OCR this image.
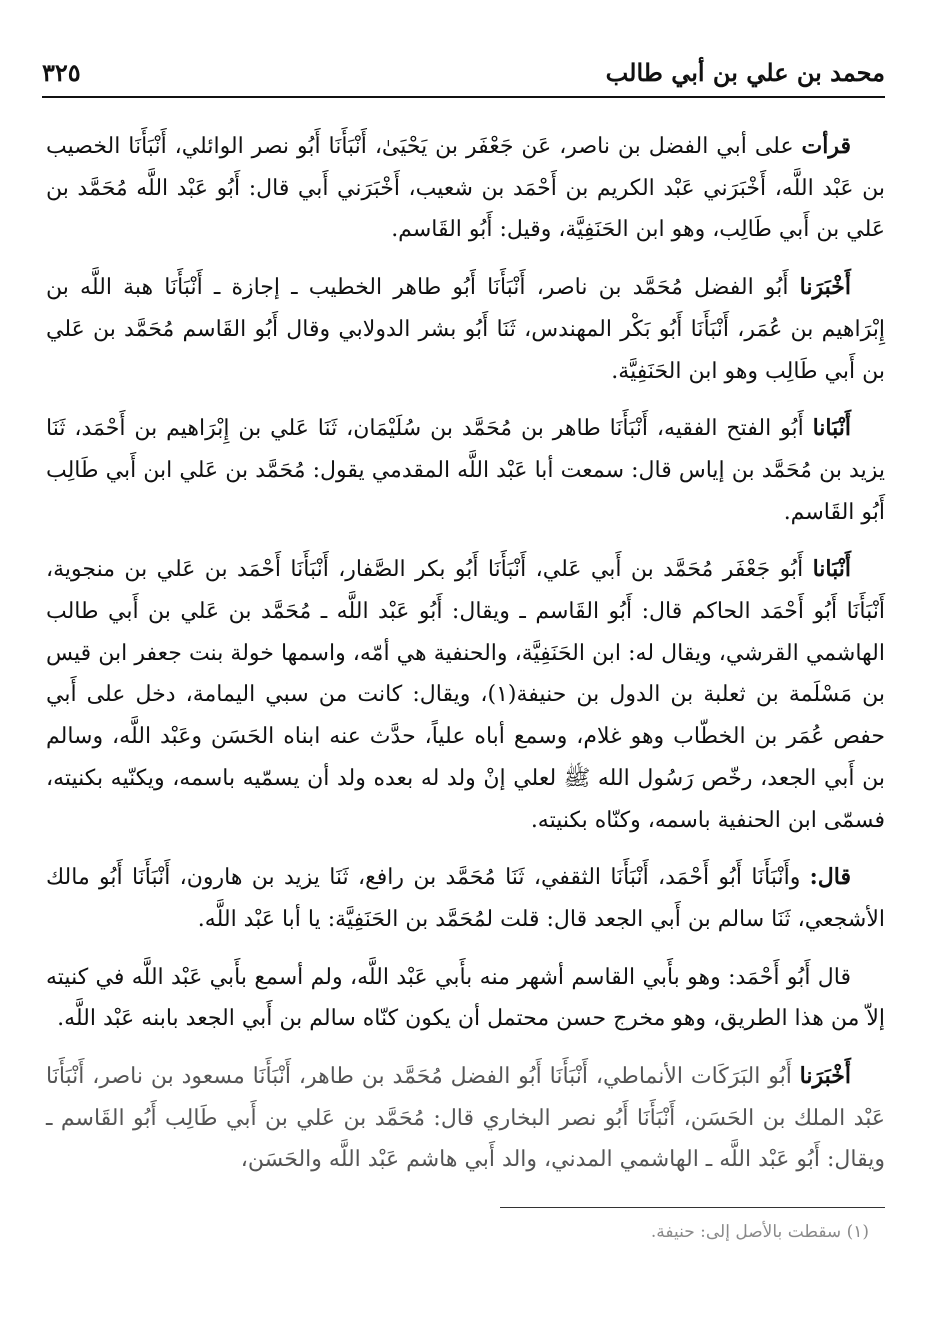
محمد بن علي بن أبي طالب
٣٢٥

قرأت على أبي الفضل بن ناصر، عَن جَعْفَر بن يَحْيَىٰ، أَنْبَأَنَا أَبُو نصر الوائلي، أَنْبَأَنَا الخصيب بن عَبْد اللَّه، أَخْبَرَني عَبْد الكريم بن أَحْمَد بن شعيب، أَخْبَرَني أَبي قال: أَبُو عَبْد اللَّه مُحَمَّد بن عَلي بن أَبي طَالِب، وهو ابن الحَنَفِيَّة، وقيل: أَبُو القَاسم.

أَخْبَرَنا أَبُو الفضل مُحَمَّد بن ناصر، أَنْبَأَنَا أَبُو طاهر الخطيب ـ إجازة ـ أَنْبَأَنَا هبة اللَّه بن إِبْرَاهيم بن عُمَر، أَنْبَأَنَا أَبُو بَكْر المهندس، ثَنَا أَبُو بشر الدولابي وقال أَبُو القَاسم مُحَمَّد بن عَلي بن أَبي طَالِب وهو ابن الحَنَفِيَّة.

أَنْبَانا أَبُو الفتح الفقيه، أَنْبَأَنَا طاهر بن مُحَمَّد بن سُلَيْمَان، ثَنَا عَلي بن إِبْرَاهيم بن أَحْمَد، ثَنَا يزيد بن مُحَمَّد بن إياس قال: سمعت أبا عَبْد اللَّه المقدمي يقول: مُحَمَّد بن عَلي ابن أَبي طَالِب أَبُو القَاسم.

أَنْبَانا أَبُو جَعْفَر مُحَمَّد بن أَبي عَلي، أَنْبَأَنَا أَبُو بكر الصَّفار، أَنْبَأَنَا أَحْمَد بن عَلي بن منجوية، أَنْبَأَنَا أَبُو أَحْمَد الحاكم قال: أَبُو القَاسم ـ ويقال: أَبُو عَبْد اللَّه ـ مُحَمَّد بن عَلي بن أَبي طالب الهاشمي القرشي، ويقال له: ابن الحَنَفِيَّة، والحنفية هي أمّه، واسمها خولة بنت جعفر ابن قيس بن مَسْلَمة بن ثعلبة بن الدول بن حنيفة(١)، ويقال: كانت من سبي اليمامة، دخل على أَبي حفص عُمَر بن الخطّاب وهو غلام، وسمع أباه علياً، حدَّث عنه ابناه الحَسَن وعَبْد اللَّه، وسالم بن أَبي الجعد، رخّص رَسُول الله ﷺ لعلي إنْ ولد له بعده ولد أن يسمّيه باسمه، ويكنّيه بكنيته، فسمّى ابن الحنفية باسمه، وكنّاه بكنيته.

قال: وأَنْبَأَنَا أَبُو أَحْمَد، أَنْبَأَنَا الثقفي، ثَنَا مُحَمَّد بن رافع، ثَنَا يزيد بن هارون، أَنْبَأَنَا أَبُو مالك الأشجعي، ثَنَا سالم بن أَبي الجعد قال: قلت لمُحَمَّد بن الحَنَفِيَّة: يا أبا عَبْد اللَّه.

قال أَبُو أَحْمَد: وهو بأَبي القاسم أشهر منه بأَبي عَبْد اللَّه، ولم أسمع بأَبي عَبْد اللَّه في كنيته إلاّ من هذا الطريق، وهو مخرج حسن محتمل أن يكون كنّاه سالم بن أَبي الجعد بابنه عَبْد اللَّه.

أَخْبَرَنا أَبُو البَرَكَات الأنماطي، أَنْبَأَنَا أَبُو الفضل مُحَمَّد بن طاهر، أَنْبَأَنَا مسعود بن ناصر، أَنْبَأَنَا عَبْد الملك بن الحَسَن، أَنْبَأَنَا أَبُو نصر البخاري قال: مُحَمَّد بن عَلي بن أَبي طَالِب أَبُو القَاسم ـ ويقال: أَبُو عَبْد اللَّه ـ الهاشمي المدني، والد أَبي هاشم عَبْد اللَّه والحَسَن،

(١) سقطت بالأصل إلى: حنيفة.
